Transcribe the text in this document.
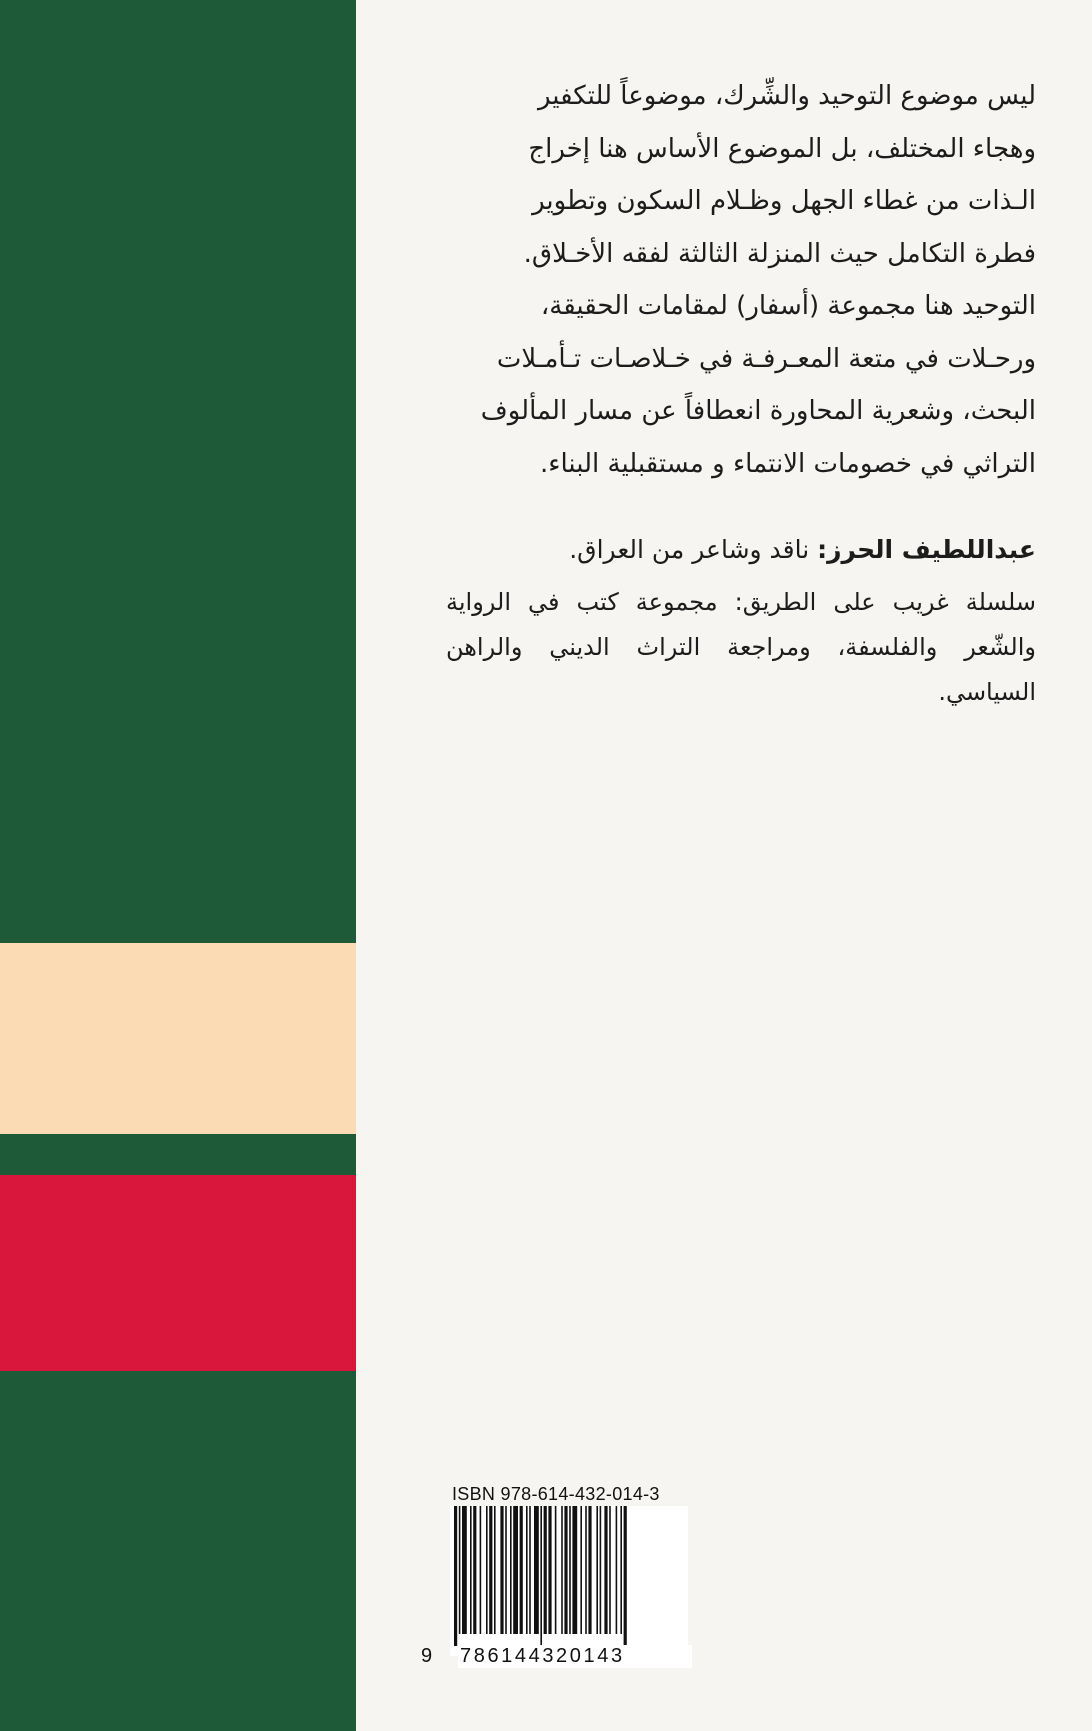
ليس موضوع التوحيد والشِّرك، موضوعاً للتكفير
وهجاء المختلف، بل الموضوع الأساس هنا إخراج
الـذات من غطاء الجهل وظـلام السكون وتطوير
فطرة التكامل حيث المنزلة الثالثة لفقه الأخـلاق.
التوحيد هنا مجموعة (أسفار) لمقامات الحقيقة،
ورحـلات في متعة المعـرفـة في خـلاصـات تـأمـلات
البحث، وشعرية المحاورة انعطافاً عن مسار المألوف
التراثي في خصومات الانتماء و مستقبلية البناء.
عبداللطيف الحرز: ناقد وشاعر من العراق.
سلسلة غريب على الطريق: مجموعة كتب في الرواية والشّعر والفلسفة، ومراجعة التراث الديني والراهن السياسي.
ISBN 978-614-432-014-3
9 786144320143
